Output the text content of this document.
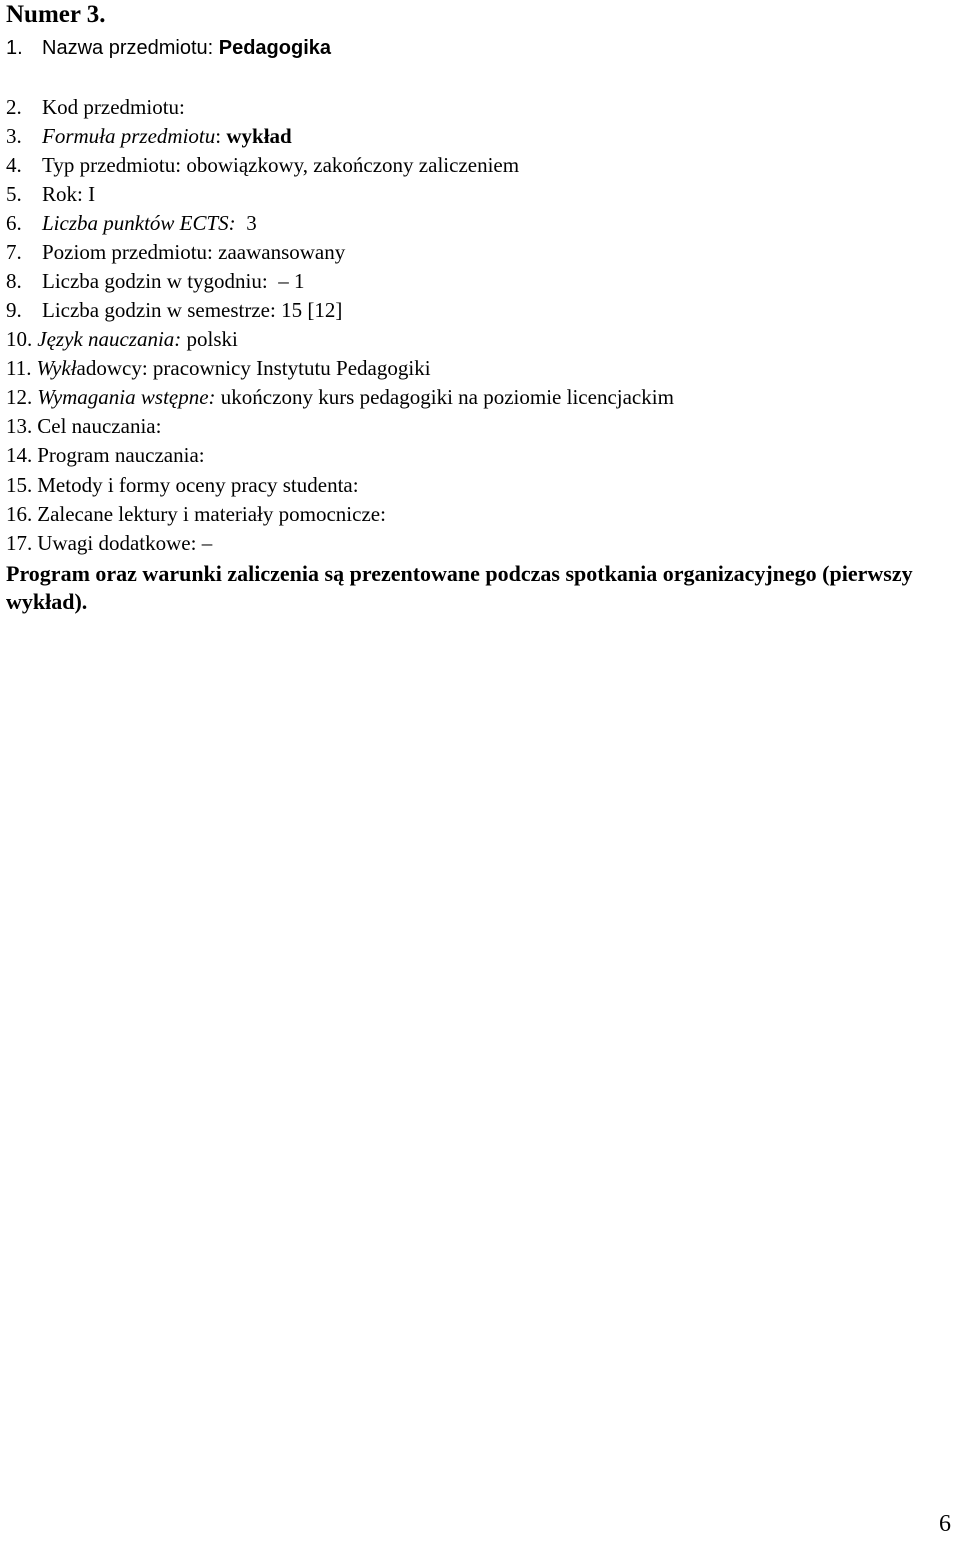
Numer 3.
1. Nazwa przedmiotu: Pedagogika
2. Kod przedmiotu:
3. Formuła przedmiotu: wykład
4. Typ przedmiotu: obowiązkowy, zakończony zaliczeniem
5. Rok: I
6. Liczba punktów ECTS:  3
7. Poziom przedmiotu: zaawansowany
8. Liczba godzin w tygodniu:  – 1
9. Liczba godzin w semestrze: 15 [12]
10. Język nauczania: polski
11. Wykładowcy: pracownicy Instytutu Pedagogiki
12. Wymagania wstępne: ukończony kurs pedagogiki na poziomie licencjackim
13. Cel nauczania:
14. Program nauczania:
15. Metody i formy oceny pracy studenta:
16. Zalecane lektury i materiały pomocnicze:
17. Uwagi dodatkowe: –
Program oraz warunki zaliczenia są prezentowane podczas spotkania organizacyjnego (pierwszy wykład).
6
